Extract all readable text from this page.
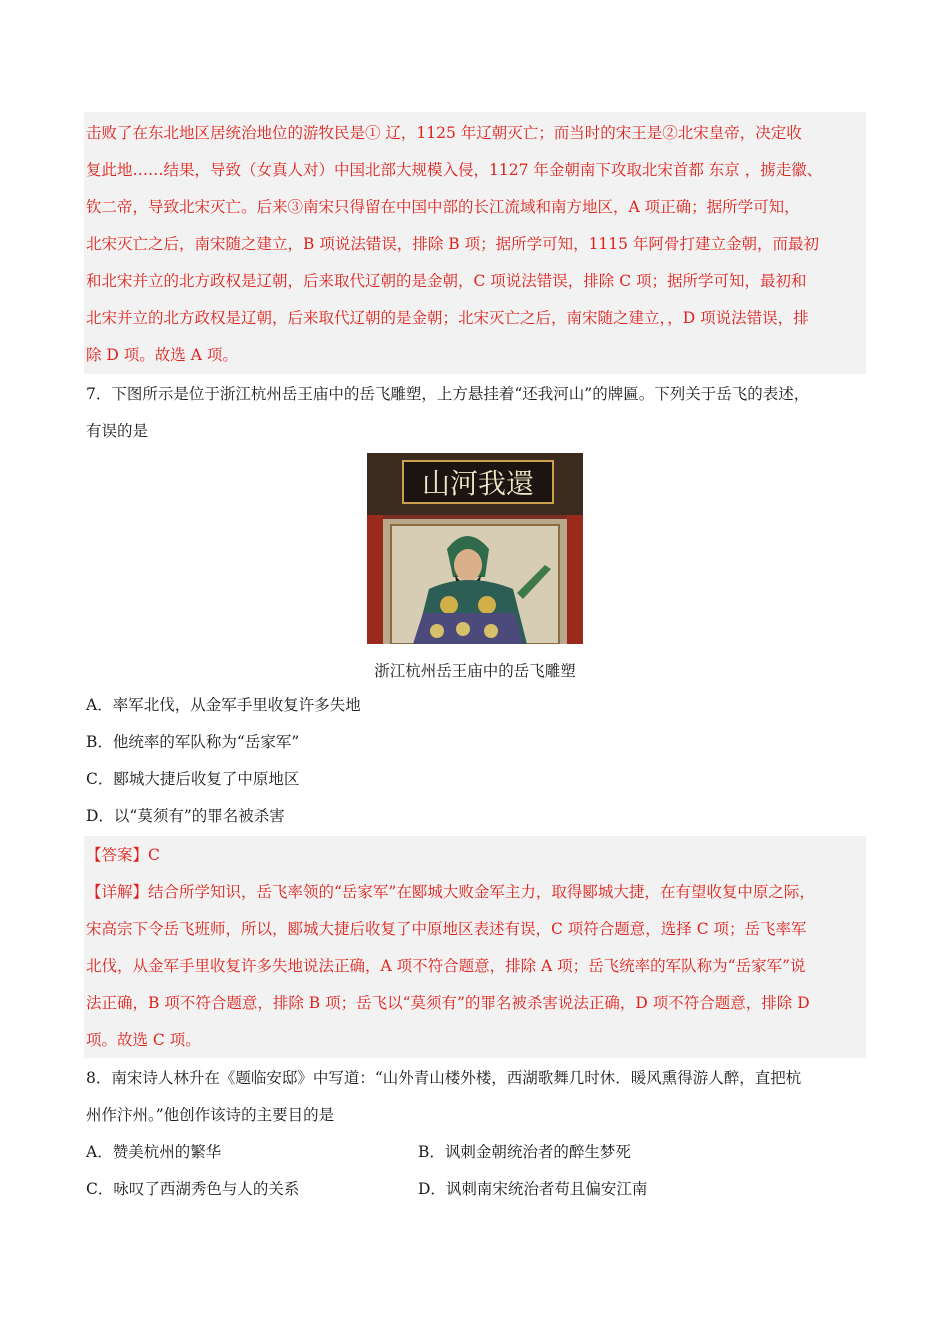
击败了在东北地区居统治地位的游牧民是① 辽，1125 年辽朝灭亡；而当时的宋王是②北宋皇帝，决定收
复此地……结果，导致（女真人对）中国北部大规模入侵，1127 年金朝南下攻取北宋首都 东京 ，掳走徽、
钦二帝，导致北宋灭亡。后来③南宋只得留在中国中部的长江流域和南方地区，A 项正确；据所学可知，
北宋灭亡之后，南宋随之建立，B 项说法错误，排除 B 项；据所学可知，1115 年阿骨打建立金朝，而最初
和北宋并立的北方政权是辽朝，后来取代辽朝的是金朝，C 项说法错误，排除 C 项；据所学可知，最初和
北宋并立的北方政权是辽朝，后来取代辽朝的是金朝；北宋灭亡之后，南宋随之建立，，D 项说法错误，排
除 D 项。故选 A 项。
7．下图所示是位于浙江杭州岳王庙中的岳飞雕塑，上方悬挂着“还我河山”的牌匾。下列关于岳飞的表述，
有误的是
山河我還
浙江杭州岳王庙中的岳飞雕塑
A．率军北伐，从金军手里收复许多失地
B．他统率的军队称为“岳家军”
C．郾城大捷后收复了中原地区
D．以“莫须有”的罪名被杀害
【答案】C
【详解】结合所学知识，岳飞率领的“岳家军”在郾城大败金军主力，取得郾城大捷，在有望收复中原之际，
宋高宗下令岳飞班师，所以，郾城大捷后收复了中原地区表述有误，C 项符合题意，选择 C 项；岳飞率军
北伐，从金军手里收复许多失地说法正确，A 项不符合题意，排除 A 项；岳飞统率的军队称为“岳家军”说
法正确，B 项不符合题意，排除 B 项；岳飞以“莫须有”的罪名被杀害说法正确，D 项不符合题意，排除 D
项。故选 C 项。
8．南宋诗人林升在《题临安邸》中写道：“山外青山楼外楼，西湖歌舞几时休．暖风熏得游人醉，直把杭
州作汴州。”他创作该诗的主要目的是
A．赞美杭州的繁华	B．讽刺金朝统治者的醉生梦死
C．咏叹了西湖秀色与人的关系	D．讽刺南宋统治者苟且偏安江南
